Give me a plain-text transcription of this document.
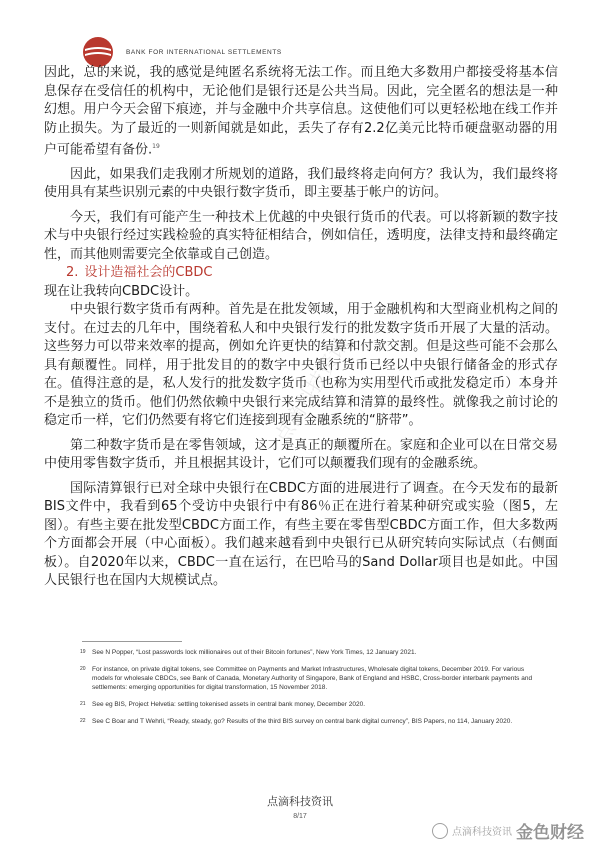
BANK FOR INTERNATIONAL SETTLEMENTS
点滴科技资讯

因此，总的来说，我的感觉是纯匿名系统将无法工作。而且绝大多数用户都接受将基本信息保存在受信任的机构中，无论他们是银行还是公共当局。因此，完全匿名的想法是一种幻想。用户今天会留下痕迹，并与金融中介共享信息。这使他们可以更轻松地在线工作并防止损失。为了最近的一则新闻就是如此，丢失了存有2.2亿美元比特币硬盘驱动器的用户可能希望有备份.$^{19}$

因此，如果我们走我刚才所规划的道路，我们最终将走向何方？我认为，我们最终将使用具有某些识别元素的中央银行数字货币，即主要基于帐户的访问。

今天，我们有可能产生一种技术上优越的中央银行货币的代表。可以将新颖的数字技术与中央银行经过实践检验的真实特征相结合，例如信任，透明度，法律支持和最终确定性，而其他则需要完全依靠或自己创造。

2. 设计造福社会的CBDC

现在让我转向CBDC设计。

中央银行数字货币有两种。首先是在批发领域，用于金融机构和大型商业机构之间的支付。在过去的几年中，围绕着私人和中央银行发行的批发数字货币开展了大量的活动。这些努力可以带来效率的提高，例如允许更快的结算和付款交割。但是这些可能不会那么具有颠覆性。同样，用于批发目的的数字中央银行货币已经以中央银行储备金的形式存在。值得注意的是，私人发行的批发数字货币（也称为实用型代币或批发稳定币）本身并不是独立的货币。他们仍然依赖中央银行来完成结算和清算的最终性。就像我之前讨论的稳定币一样，它们仍然要有将它们连接到现有金融系统的“脐带”。

第二种数字货币是在零售领域，这才是真正的颠覆所在。家庭和企业可以在日常交易中使用零售数字货币，并且根据其设计，它们可以颠覆我们现有的金融系统。

国际清算银行已对全球中央银行在CBDC方面的进展进行了调查。在今天发布的最新BIS文件中，我看到65个受访中央银行中有86％正在进行着某种研究或实验（图5，左图）。有些主要在批发型CBDC方面工作，有些主要在零售型CBDC方面工作，但大多数两个方面都会开展（中心面板）。我们越来越看到中央银行已从研究转向实际试点（右侧面板）。自2020年以来，CBDC一直在运行，在巴哈马的Sand Dollar项目也是如此。中国人民银行也在国内大规模试点。

19 See N Popper, “Lost passwords lock millionaires out of their Bitcoin fortunes”, New York Times, 12 January 2021.
20 For instance, on private digital tokens, see Committee on Payments and Market Infrastructures, Wholesale digital tokens, December 2019. For various models for wholesale CBDCs, see Bank of Canada, Monetary Authority of Singapore, Bank of England and HSBC, Cross-border interbank payments and settlements: emerging opportunities for digital transformation, 15 November 2018.
21 See eg BIS, Project Helvetia: settling tokenised assets in central bank money, December 2020.
22 See C Boar and T Wehrli, “Ready, steady, go? Results of the third BIS survey on central bank digital currency”, BIS Papers, no 114, January 2020.
点滴科技资讯
8/17
点滴科技资讯 金色财经
